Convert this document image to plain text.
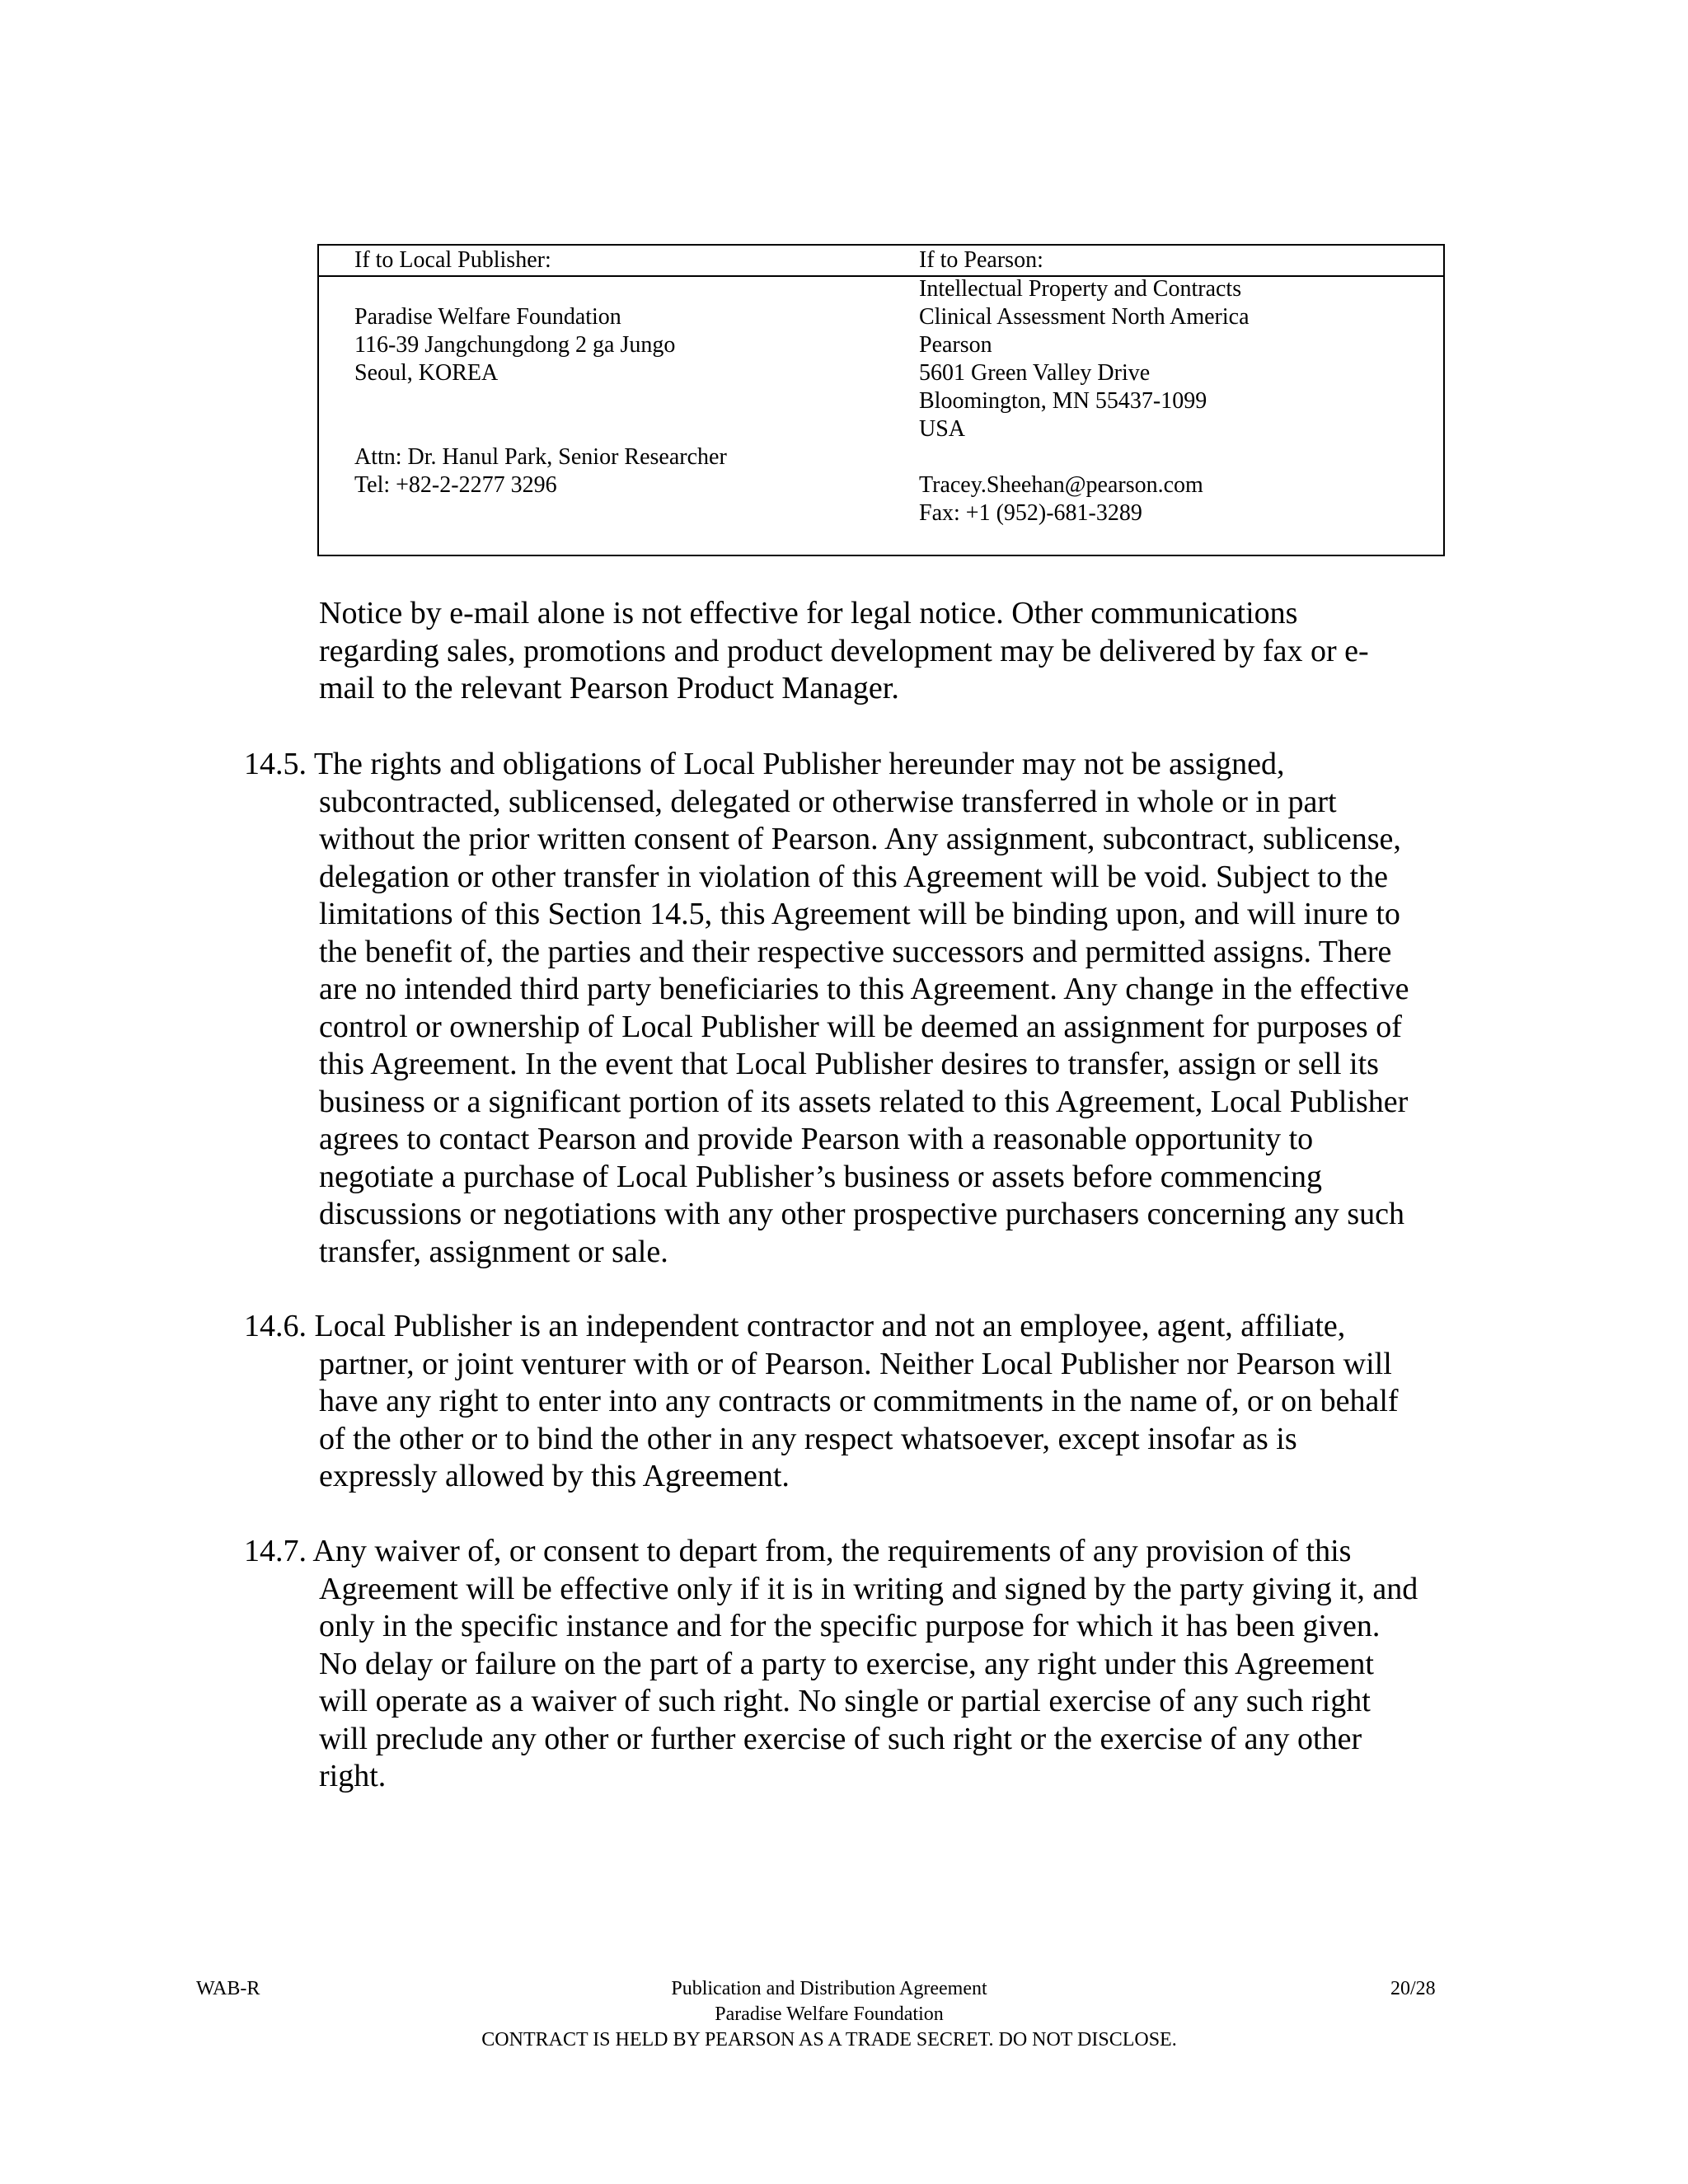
If to Local Publisher:
Paradise Welfare Foundation
116-39 Jangchungdong 2 ga Jungo
Seoul, KOREA
Attn: Dr. Hanul Park, Senior Researcher
Tel: +82-2-2277 3296
If to Pearson:
Intellectual Property and Contracts
Clinical Assessment North America
Pearson
5601 Green Valley Drive
Bloomington, MN 55437-1099
USA
Tracey.Sheehan@pearson.com
Fax: +1 (952)-681-3289
Notice by e-mail alone is not effective for legal notice. Other communications
regarding sales, promotions and product development may be delivered by fax or e-
mail to the relevant Pearson Product Manager.
14.5. The rights and obligations of Local Publisher hereunder may not be assigned,
subcontracted, sublicensed, delegated or otherwise transferred in whole or in part
without the prior written consent of Pearson. Any assignment, subcontract, sublicense,
delegation or other transfer in violation of this Agreement will be void. Subject to the
limitations of this Section 14.5, this Agreement will be binding upon, and will inure to
the benefit of, the parties and their respective successors and permitted assigns. There
are no intended third party beneficiaries to this Agreement. Any change in the effective
control or ownership of Local Publisher will be deemed an assignment for purposes of
this Agreement. In the event that Local Publisher desires to transfer, assign or sell its
business or a significant portion of its assets related to this Agreement, Local Publisher
agrees to contact Pearson and provide Pearson with a reasonable opportunity to
negotiate a purchase of Local Publisher’s business or assets before commencing
discussions or negotiations with any other prospective purchasers concerning any such
transfer, assignment or sale.
14.6. Local Publisher is an independent contractor and not an employee, agent, affiliate,
partner, or joint venturer with or of Pearson. Neither Local Publisher nor Pearson will
have any right to enter into any contracts or commitments in the name of, or on behalf
of the other or to bind the other in any respect whatsoever, except insofar as is
expressly allowed by this Agreement.
14.7. Any waiver of, or consent to depart from, the requirements of any provision of this
Agreement will be effective only if it is in writing and signed by the party giving it, and
only in the specific instance and for the specific purpose for which it has been given.
No delay or failure on the part of a party to exercise, any right under this Agreement
will operate as a waiver of such right. No single or partial exercise of any such right
will preclude any other or further exercise of such right or the exercise of any other
right.
WAB-R	Publication and Distribution Agreement
Paradise Welfare Foundation
CONTRACT IS HELD BY PEARSON AS A TRADE SECRET. DO NOT DISCLOSE.
20/28
